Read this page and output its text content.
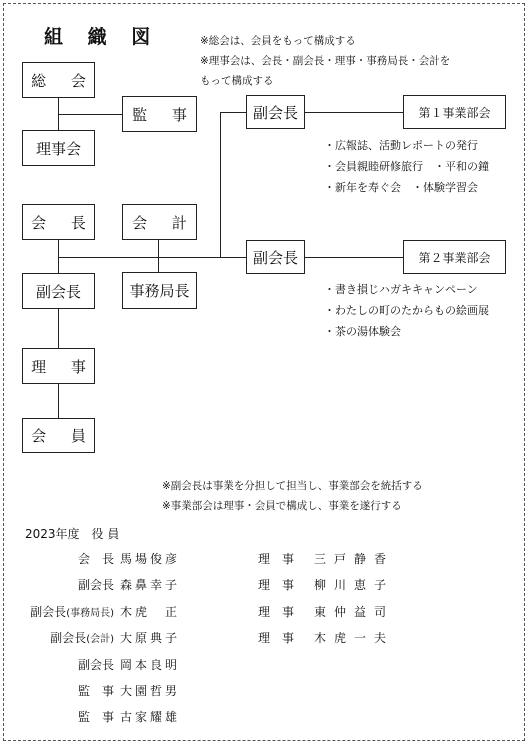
組 織 図	※総会は、会員をもって構成する
※理事会は、会長・副会長・理事・事務局長・会計を
もって構成する
総 会
監 事
理事会
会 長	会 計
副会長	事務局長
理 事
会 員
副会長	第１事業部会
副会長	第２事業部会
・広報誌、活動レポートの発行
・会員親睦研修旅行　・平和の鐘
・新年を寿ぐ会　・体験学習会
・書き損じハガキキャンペーン
・わたしの町のたからもの絵画展
・茶の湯体験会
※副会長は事業を分担して担当し、事業部会を統括する
※事業部会は理事・会員で構成し、事業を遂行する
2023年度　役 員
会　長 馬場俊彦
副会長 森鼻幸子
副会長(事務局長) 木虎　正
副会長(会計) 大原典子
副会長 岡本良明
監　事 大園哲男
監　事 古家耀雄
理　事 三戸静香
理　事 柳川恵子
理　事 東仲益司
理　事 木虎一夫
